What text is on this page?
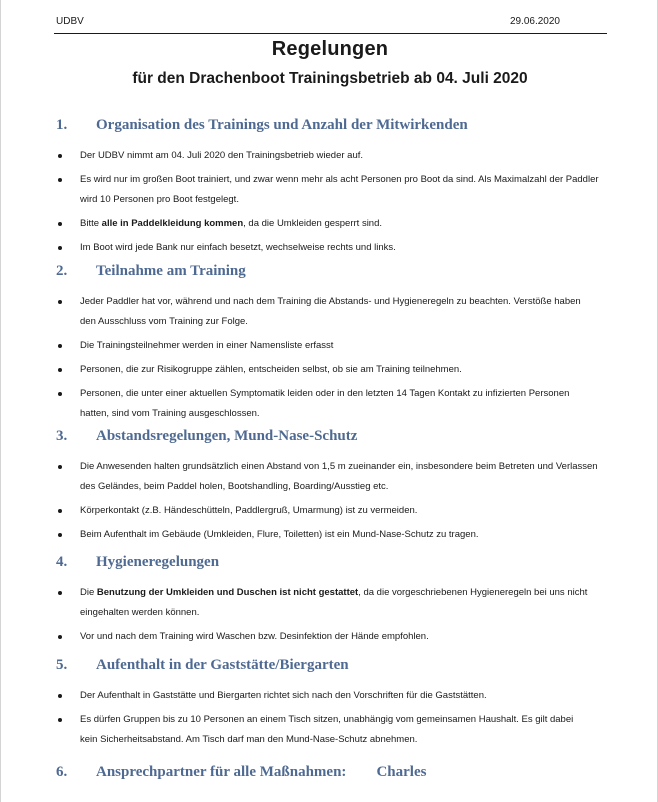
UDBV	29.06.2020
Regelungen
für den Drachenboot Trainingsbetrieb ab 04. Juli 2020
1. Organisation des Trainings und Anzahl der Mitwirkenden
Der UDBV nimmt am 04. Juli 2020 den Trainingsbetrieb wieder auf.
Es wird nur im großen Boot trainiert, und zwar wenn mehr als acht Personen pro Boot da sind. Als Maximalzahl der Paddler wird 10 Personen pro Boot festgelegt.
Bitte alle in Paddelkleidung kommen, da die Umkleiden gesperrt sind.
Im Boot wird jede Bank nur einfach besetzt, wechselweise rechts und links.
2. Teilnahme am Training
Jeder Paddler hat vor, während und nach dem Training die Abstands- und Hygieneregeln zu beachten. Verstöße haben den Ausschluss vom Training zur Folge.
Die Trainingsteilnehmer werden in einer Namensliste erfasst
Personen, die zur Risikogruppe zählen, entscheiden selbst, ob sie am Training teilnehmen.
Personen, die unter einer aktuellen Symptomatik leiden oder in den letzten 14 Tagen Kontakt zu infizierten Personen hatten, sind vom Training ausgeschlossen.
3. Abstandsregelungen, Mund-Nase-Schutz
Die Anwesenden halten grundsätzlich einen Abstand von 1,5 m zueinander ein, insbesondere beim Betreten und Verlassen des Geländes, beim Paddel holen, Bootshandling, Boarding/Ausstieg etc.
Körperkontakt (z.B. Händeschütteln, Paddlergruß, Umarmung) ist zu vermeiden.
Beim Aufenthalt im Gebäude (Umkleiden, Flure, Toiletten) ist ein Mund-Nase-Schutz zu tragen.
4. Hygieneregelungen
Die Benutzung der Umkleiden und Duschen ist nicht gestattet, da die vorgeschriebenen Hygieneregeln bei uns nicht eingehalten werden können.
Vor und nach dem Training wird Waschen bzw. Desinfektion der Hände empfohlen.
5. Aufenthalt in der Gaststätte/Biergarten
Der Aufenthalt in Gaststätte und Biergarten richtet sich nach den Vorschriften für die Gaststätten.
Es dürfen Gruppen bis zu 10 Personen an einem Tisch sitzen, unabhängig vom gemeinsamen Haushalt. Es gilt dabei kein Sicherheitsabstand. Am Tisch darf man den Mund-Nase-Schutz abnehmen.
6. Ansprechpartner für alle Maßnahmen: Charles
